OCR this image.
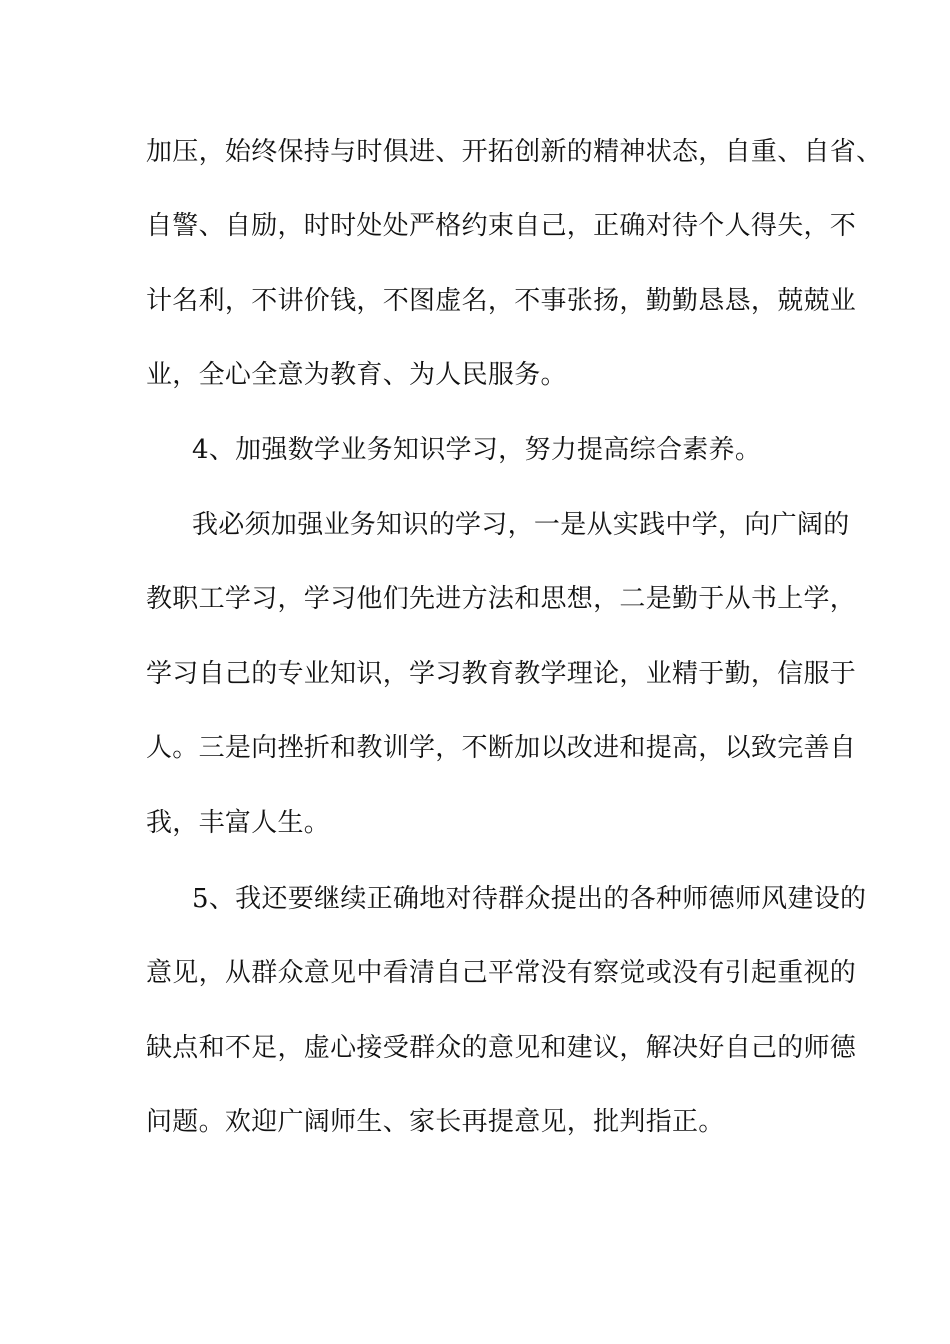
加压，始终保持与时俱进、开拓创新的精神状态，自重、自省、

自警、自励，时时处处严格约束自己，正确对待个人得失，不

计名利，不讲价钱，不图虚名，不事张扬，勤勤恳恳，兢兢业

业，全心全意为教育、为人民服务。

4、加强数学业务知识学习，努力提高综合素养。

我必须加强业务知识的学习，一是从实践中学，向广阔的

教职工学习，学习他们先进方法和思想，二是勤于从书上学，

学习自己的专业知识，学习教育教学理论，业精于勤，信服于

人。三是向挫折和教训学，不断加以改进和提高，以致完善自

我，丰富人生。

5、我还要继续正确地对待群众提出的各种师德师风建设的

意见，从群众意见中看清自己平常没有察觉或没有引起重视的

缺点和不足，虚心接受群众的意见和建议，解决好自己的师德

问题。欢迎广阔师生、家长再提意见，批判指正。
